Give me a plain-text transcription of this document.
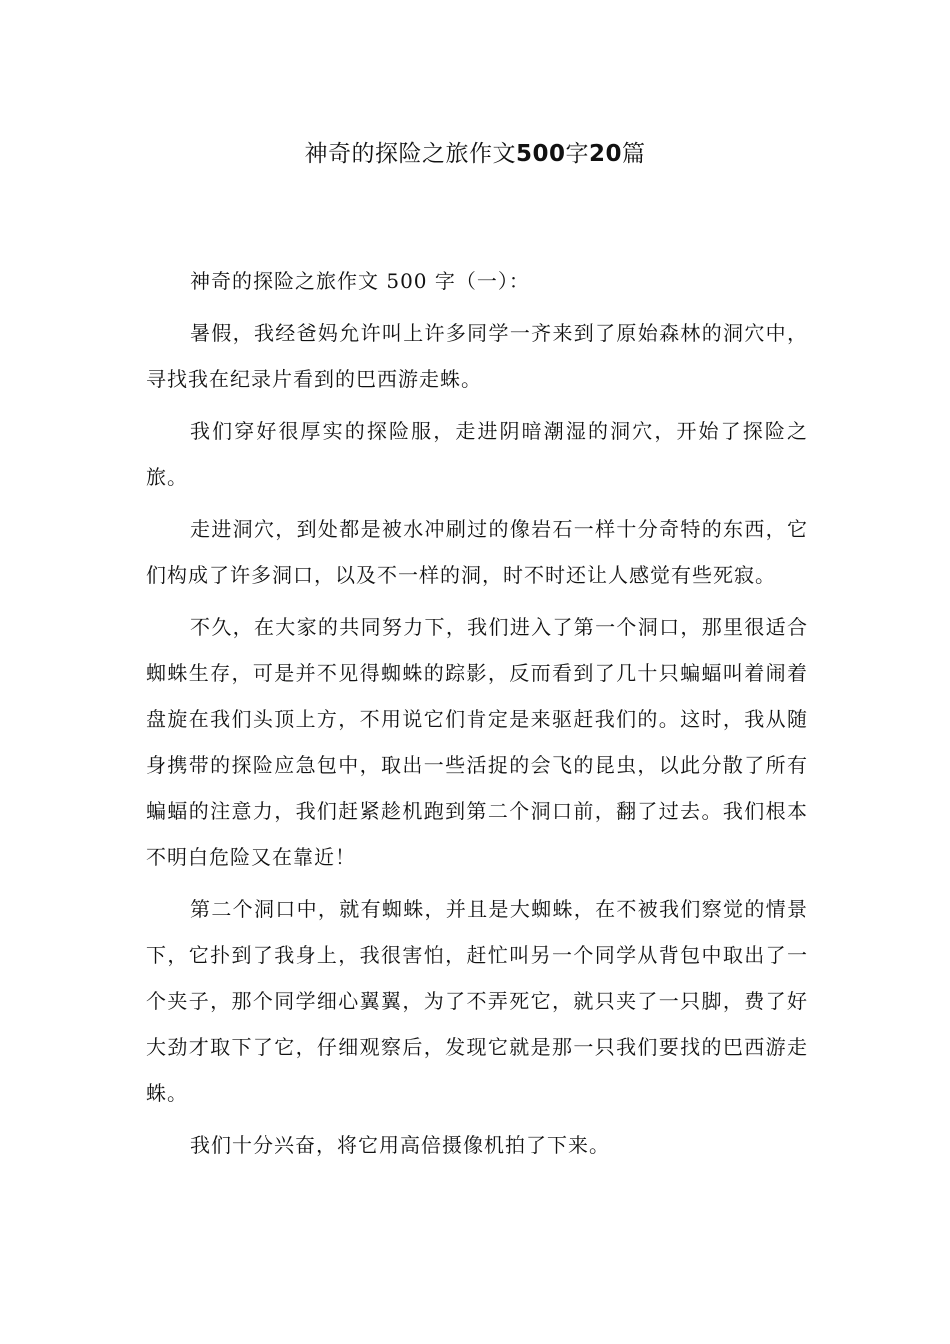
神奇的探险之旅作文500字20篇

神奇的探险之旅作文 500 字（一）：

暑假，我经爸妈允许叫上许多同学一齐来到了原始森林的洞穴中，寻找我在纪录片看到的巴西游走蛛。

我们穿好很厚实的探险服，走进阴暗潮湿的洞穴，开始了探险之旅。

走进洞穴，到处都是被水冲刷过的像岩石一样十分奇特的东西，它们构成了许多洞口，以及不一样的洞，时不时还让人感觉有些死寂。

不久，在大家的共同努力下，我们进入了第一个洞口，那里很适合蜘蛛生存，可是并不见得蜘蛛的踪影，反而看到了几十只蝙蝠叫着闹着盘旋在我们头顶上方，不用说它们肯定是来驱赶我们的。这时，我从随身携带的探险应急包中，取出一些活捉的会飞的昆虫，以此分散了所有蝙蝠的注意力，我们赶紧趁机跑到第二个洞口前，翻了过去。我们根本不明白危险又在靠近！

第二个洞口中，就有蜘蛛，并且是大蜘蛛，在不被我们察觉的情景下，它扑到了我身上，我很害怕，赶忙叫另一个同学从背包中取出了一个夹子，那个同学细心翼翼，为了不弄死它，就只夹了一只脚，费了好大劲才取下了它，仔细观察后，发现它就是那一只我们要找的巴西游走蛛。

我们十分兴奋，将它用高倍摄像机拍了下来。
